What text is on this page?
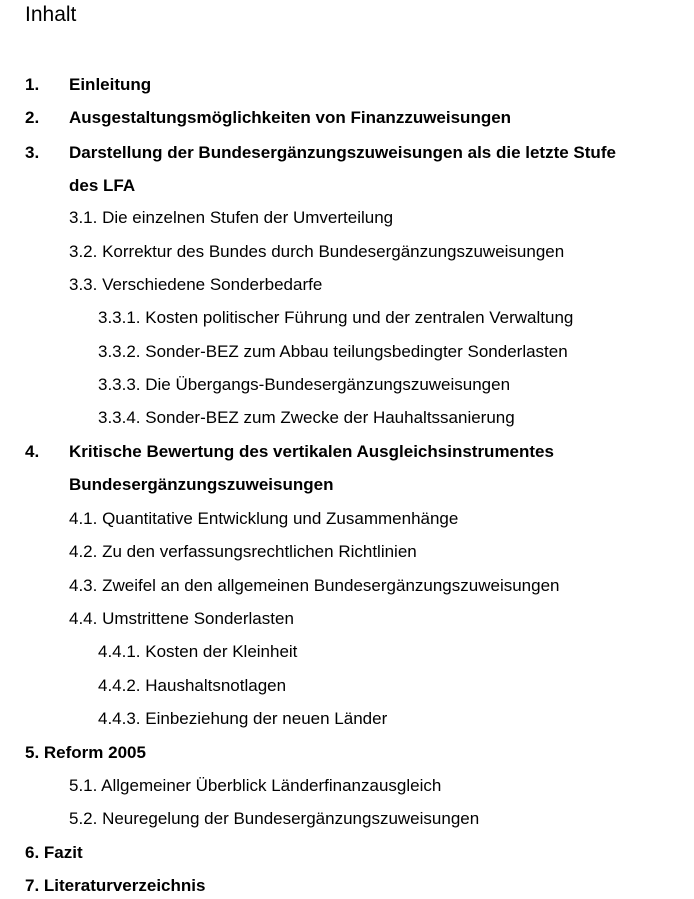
Inhalt
1. Einleitung
2. Ausgestaltungsmöglichkeiten von Finanzzuweisungen
3. Darstellung der Bundesergänzungszuweisungen als die letzte Stufe
des LFA
3.1. Die einzelnen Stufen der Umverteilung
3.2. Korrektur des Bundes durch Bundesergänzungszuweisungen
3.3. Verschiedene Sonderbedarfe
3.3.1. Kosten politischer Führung und der zentralen Verwaltung
3.3.2. Sonder-BEZ zum Abbau teilungsbedingter Sonderlasten
3.3.3. Die Übergangs-Bundesergänzungszuweisungen
3.3.4. Sonder-BEZ zum Zwecke der Hauhaltssanierung
4. Kritische Bewertung des vertikalen Ausgleichsinstrumentes
Bundesergänzungszuweisungen
4.1. Quantitative Entwicklung und Zusammenhänge
4.2. Zu den verfassungsrechtlichen Richtlinien
4.3. Zweifel an den allgemeinen Bundesergänzungszuweisungen
4.4. Umstrittene Sonderlasten
4.4.1. Kosten der Kleinheit
4.4.2. Haushaltsnotlagen
4.4.3. Einbeziehung der neuen Länder
5. Reform 2005
5.1. Allgemeiner Überblick Länderfinanzausgleich
5.2. Neuregelung der Bundesergänzungszuweisungen
6. Fazit
7. Literaturverzeichnis
